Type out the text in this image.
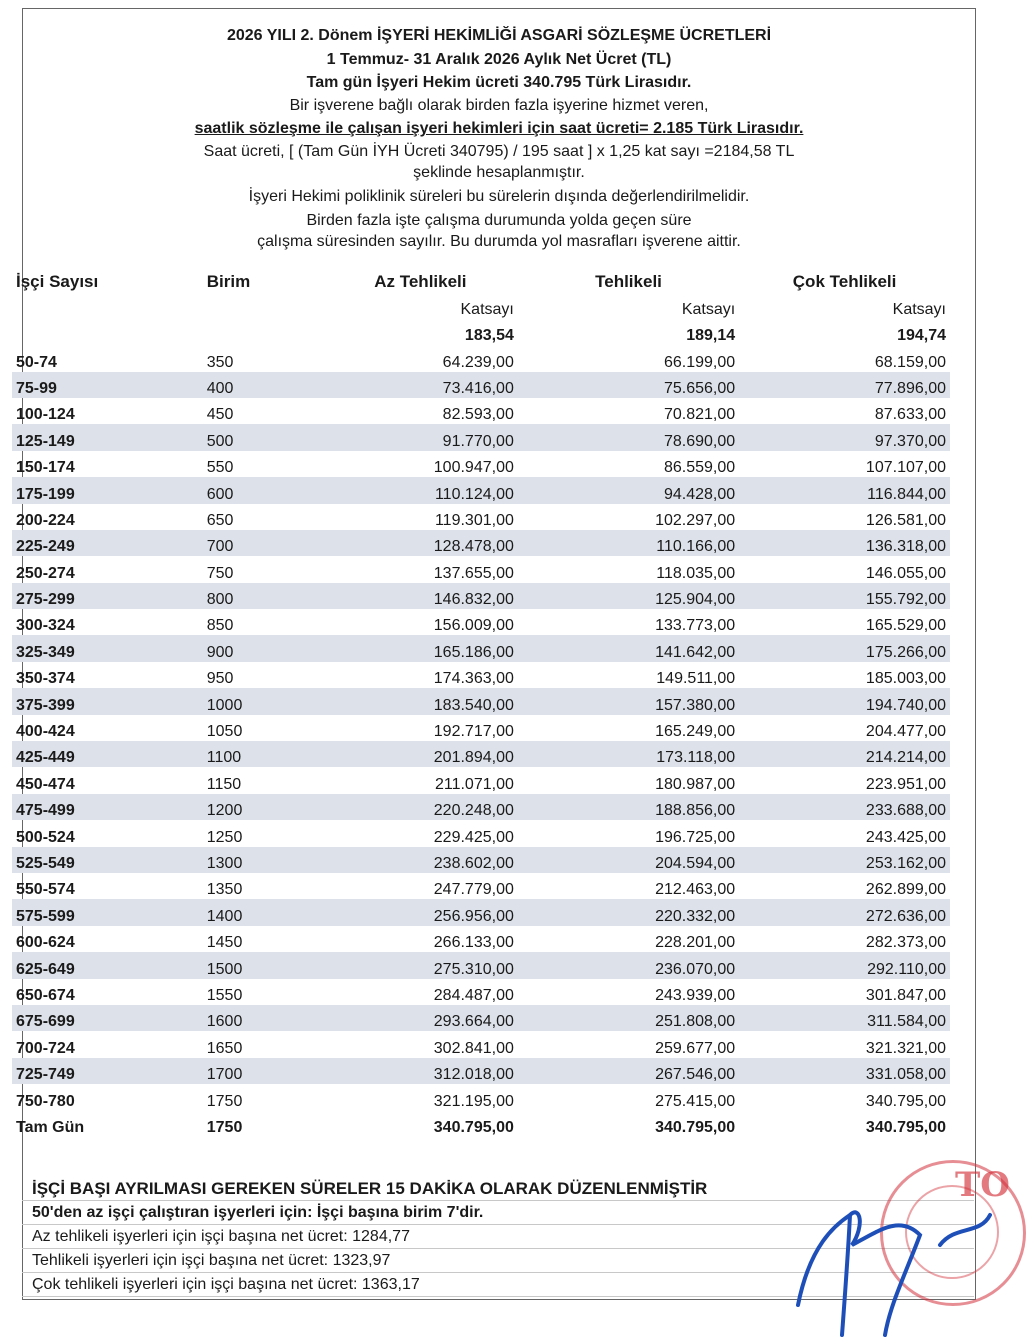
2026 YILI 2. Dönem İŞYERİ HEKİMLİĞİ ASGARİ SÖZLEŞME ÜCRETLERİ
1 Temmuz- 31 Aralık 2026 Aylık Net Ücret (TL)
Tam gün İşyeri Hekim ücreti 340.795 Türk Lirasıdır.
Bir işverene bağlı olarak birden fazla işyerine hizmet veren,
saatlik sözleşme ile çalışan işyeri hekimleri için saat ücreti= 2.185 Türk Lirasıdır.
Saat ücreti, [ (Tam Gün İYH Ücreti 340795) / 195 saat ] x 1,25 kat sayı =2184,58 TL
şeklinde hesaplanmıştır.
İşyeri Hekimi poliklinik süreleri bu sürelerin dışında değerlendirilmelidir.
Birden fazla işte çalışma durumunda yolda geçen süre
çalışma süresinden sayılır. Bu durumda yol masrafları işverene aittir.
İşçi Sayısı	Birim	Az Tehlikeli	Tehlikeli	Çok Tehlikeli
		Katsayı	Katsayı	Katsayı
		183,54	189,14	194,74
50-74	350	64.239,00	66.199,00	68.159,00
75-99	400	73.416,00	75.656,00	77.896,00
100-124	450	82.593,00	70.821,00	87.633,00
125-149	500	91.770,00	78.690,00	97.370,00
150-174	550	100.947,00	86.559,00	107.107,00
175-199	600	110.124,00	94.428,00	116.844,00
200-224	650	119.301,00	102.297,00	126.581,00
225-249	700	128.478,00	110.166,00	136.318,00
250-274	750	137.655,00	118.035,00	146.055,00
275-299	800	146.832,00	125.904,00	155.792,00
300-324	850	156.009,00	133.773,00	165.529,00
325-349	900	165.186,00	141.642,00	175.266,00
350-374	950	174.363,00	149.511,00	185.003,00
375-399	1000	183.540,00	157.380,00	194.740,00
400-424	1050	192.717,00	165.249,00	204.477,00
425-449	1100	201.894,00	173.118,00	214.214,00
450-474	1150	211.071,00	180.987,00	223.951,00
475-499	1200	220.248,00	188.856,00	233.688,00
500-524	1250	229.425,00	196.725,00	243.425,00
525-549	1300	238.602,00	204.594,00	253.162,00
550-574	1350	247.779,00	212.463,00	262.899,00
575-599	1400	256.956,00	220.332,00	272.636,00
600-624	1450	266.133,00	228.201,00	282.373,00
625-649	1500	275.310,00	236.070,00	292.110,00
650-674	1550	284.487,00	243.939,00	301.847,00
675-699	1600	293.664,00	251.808,00	311.584,00
700-724	1650	302.841,00	259.677,00	321.321,00
725-749	1700	312.018,00	267.546,00	331.058,00
750-780	1750	321.195,00	275.415,00	340.795,00
Tam Gün	1750	340.795,00	340.795,00	340.795,00
İŞÇİ BAŞI AYRILMASI GEREKEN SÜRELER 15 DAKİKA OLARAK DÜZENLENMİŞTİR
50'den az işçi çalıştıran işyerleri için: İşçi başına birim 7'dir.
Az tehlikeli işyerleri için işçi başına net ücret: 1284,77
Tehlikeli işyerleri için işçi başına net ücret: 1323,97
Çok tehlikeli işyerleri için işçi başına net ücret: 1363,17
TO
